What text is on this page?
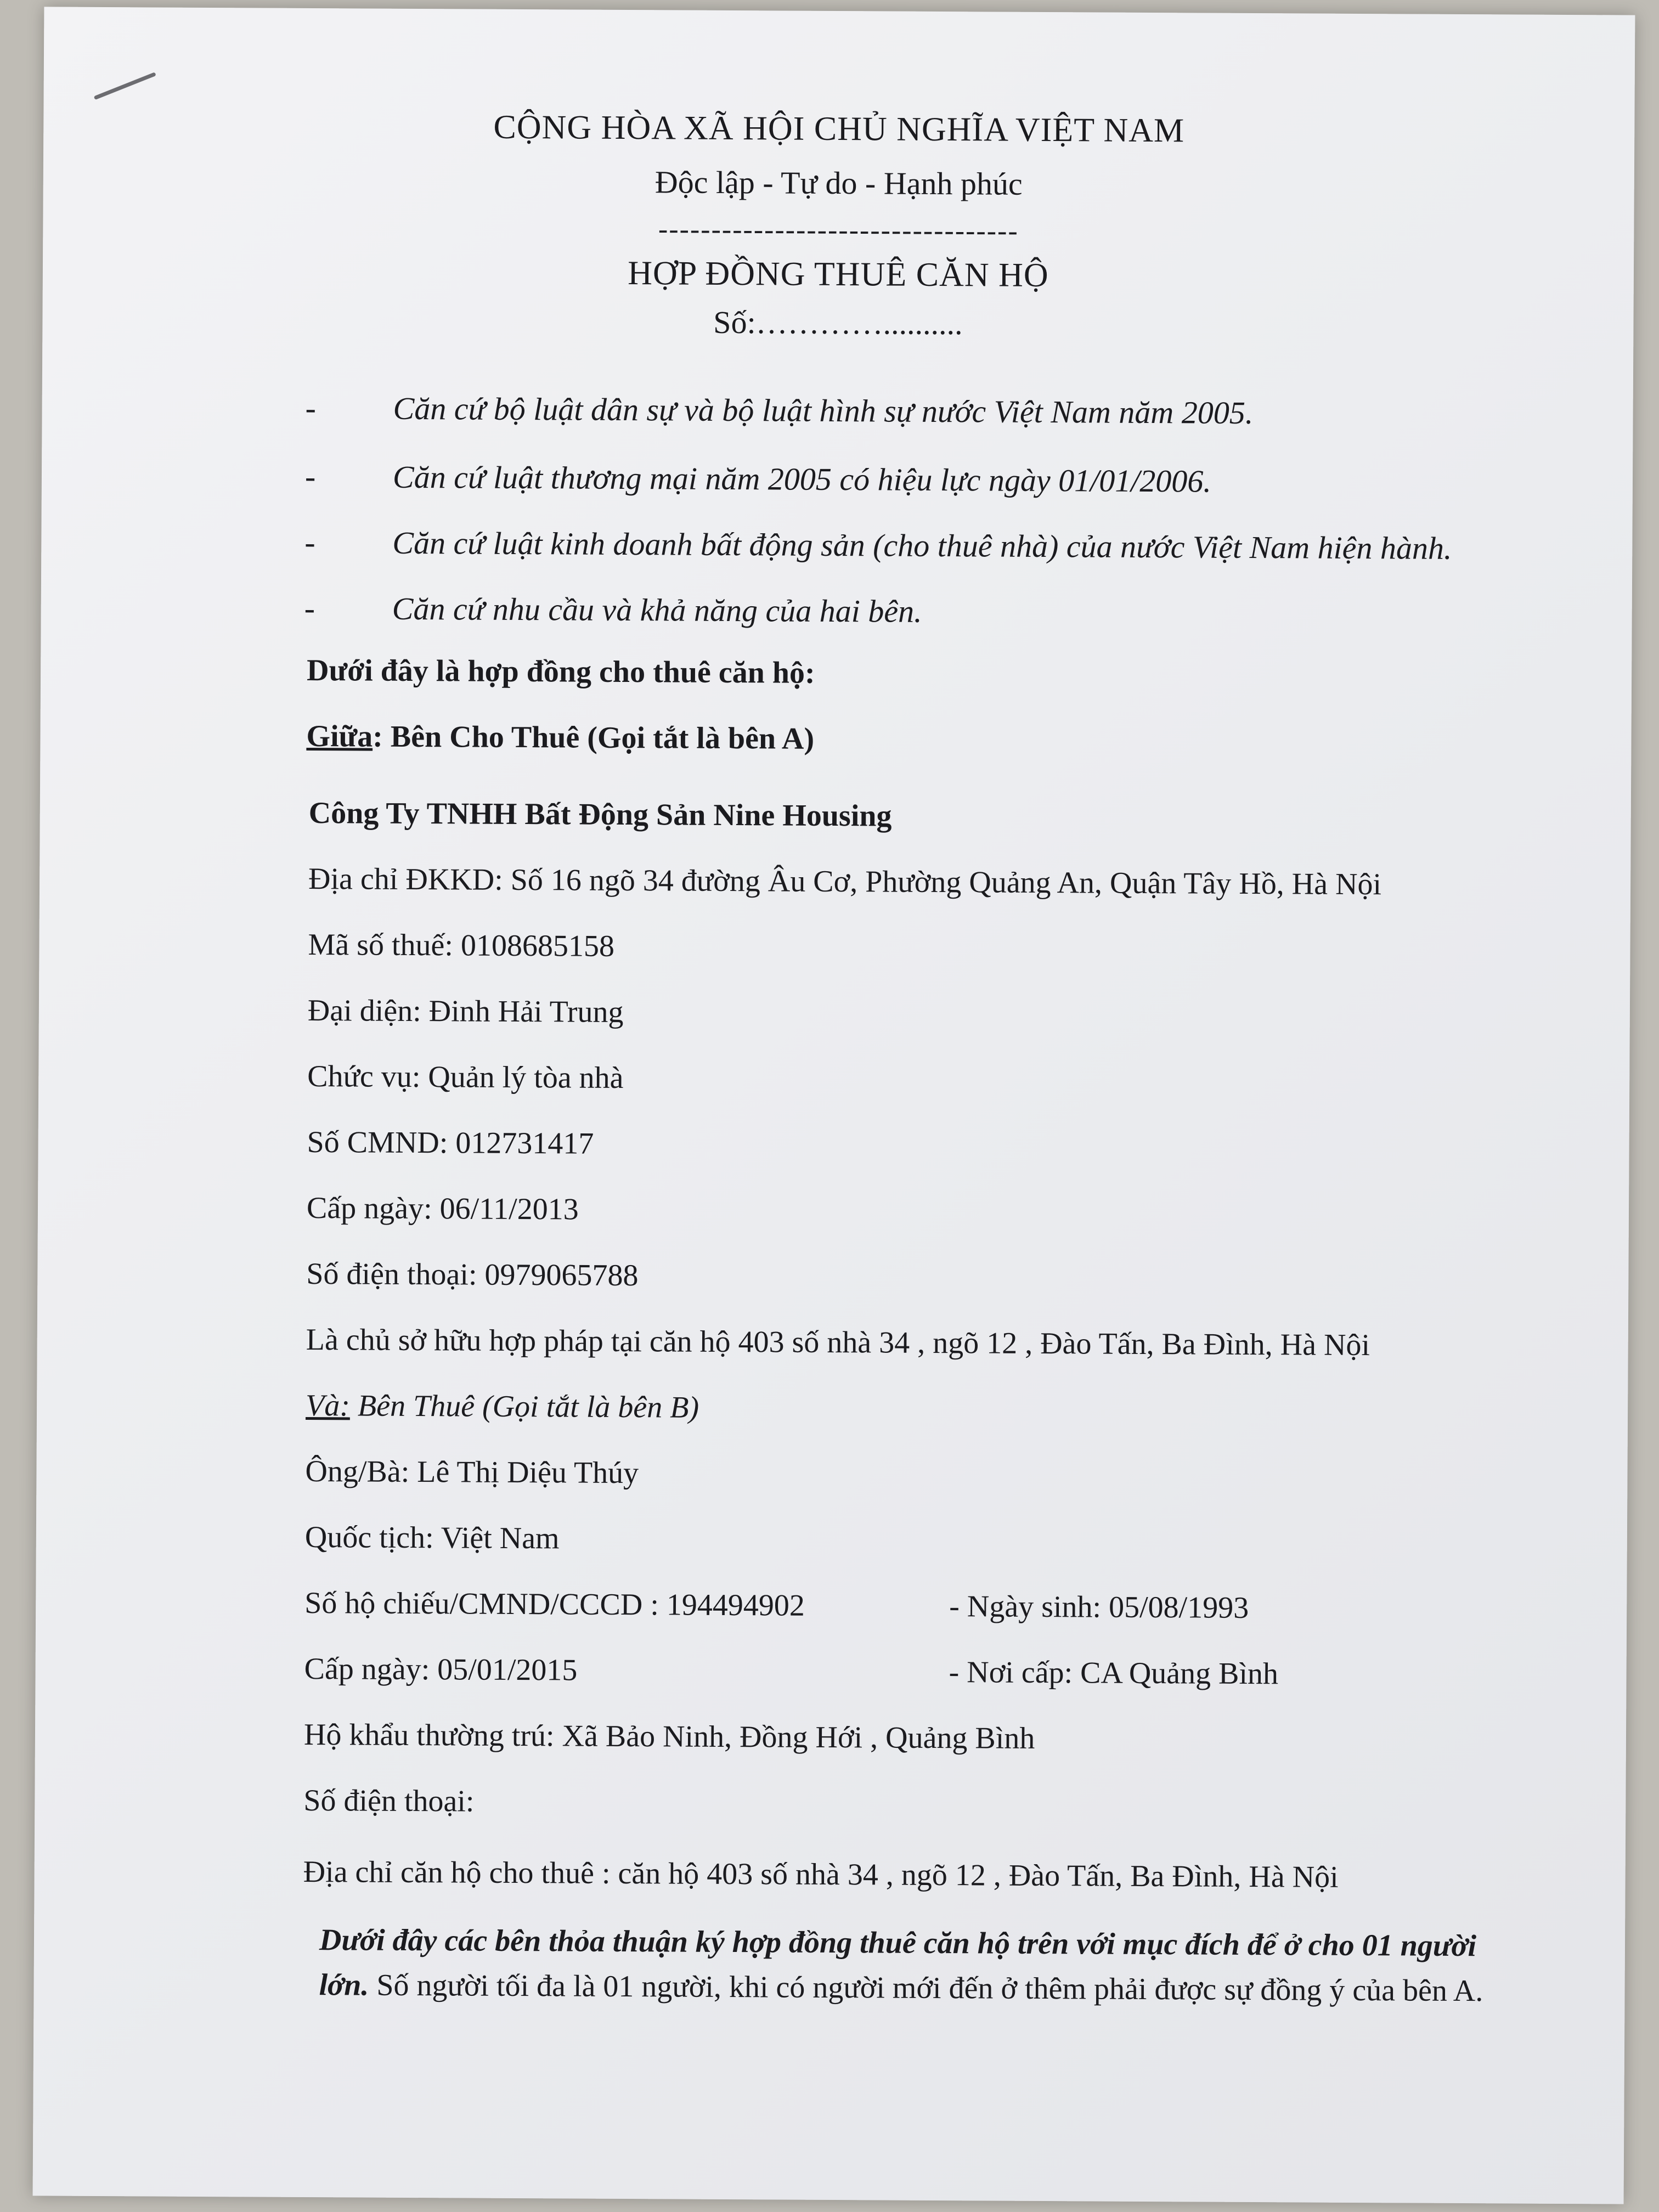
CỘNG HÒA XÃ HỘI CHỦ NGHĨA VIỆT NAM
Độc lập - Tự do - Hạnh phúc
----------------------------------
HỢP ĐỒNG THUÊ CĂN HỘ
Số:…………..........
- Căn cứ bộ luật dân sự và bộ luật hình sự nước Việt Nam năm 2005.
- Căn cứ luật thương mại năm 2005 có hiệu lực ngày 01/01/2006.
- Căn cứ luật kinh doanh bất động sản (cho thuê nhà) của nước Việt Nam hiện hành.
- Căn cứ nhu cầu và khả năng của hai bên.
Dưới đây là hợp đồng cho thuê căn hộ:
Giữa: Bên Cho Thuê (Gọi tắt là bên A)
Công Ty TNHH Bất Động Sản Nine Housing
Địa chỉ ĐKKD: Số 16 ngõ 34 đường Âu Cơ, Phường Quảng An, Quận Tây Hồ, Hà Nội
Mã số thuế: 0108685158
Đại diện: Đinh Hải Trung
Chức vụ: Quản lý tòa nhà
Số CMND: 012731417
Cấp ngày: 06/11/2013
Số điện thoại: 0979065788
Là chủ sở hữu hợp pháp tại căn hộ 403 số nhà 34 , ngõ 12 , Đào Tấn, Ba Đình, Hà Nội
Và: Bên Thuê (Gọi tắt là bên B)
Ông/Bà: Lê Thị Diệu Thúy
Quốc tịch: Việt Nam
Số hộ chiếu/CMND/CCCD : 194494902	- Ngày sinh: 05/08/1993
Cấp ngày: 05/01/2015	- Nơi cấp: CA Quảng Bình
Hộ khẩu thường trú: Xã Bảo Ninh, Đồng Hới , Quảng Bình
Số điện thoại:
Địa chỉ căn hộ cho thuê : căn hộ 403 số nhà 34 , ngõ 12 , Đào Tấn, Ba Đình, Hà Nội
Dưới đây các bên thỏa thuận ký hợp đồng thuê căn hộ trên với mục đích để ở cho 01 người lớn. Số người tối đa là 01 người, khi có người mới đến ở thêm phải được sự đồng ý của bên A.
